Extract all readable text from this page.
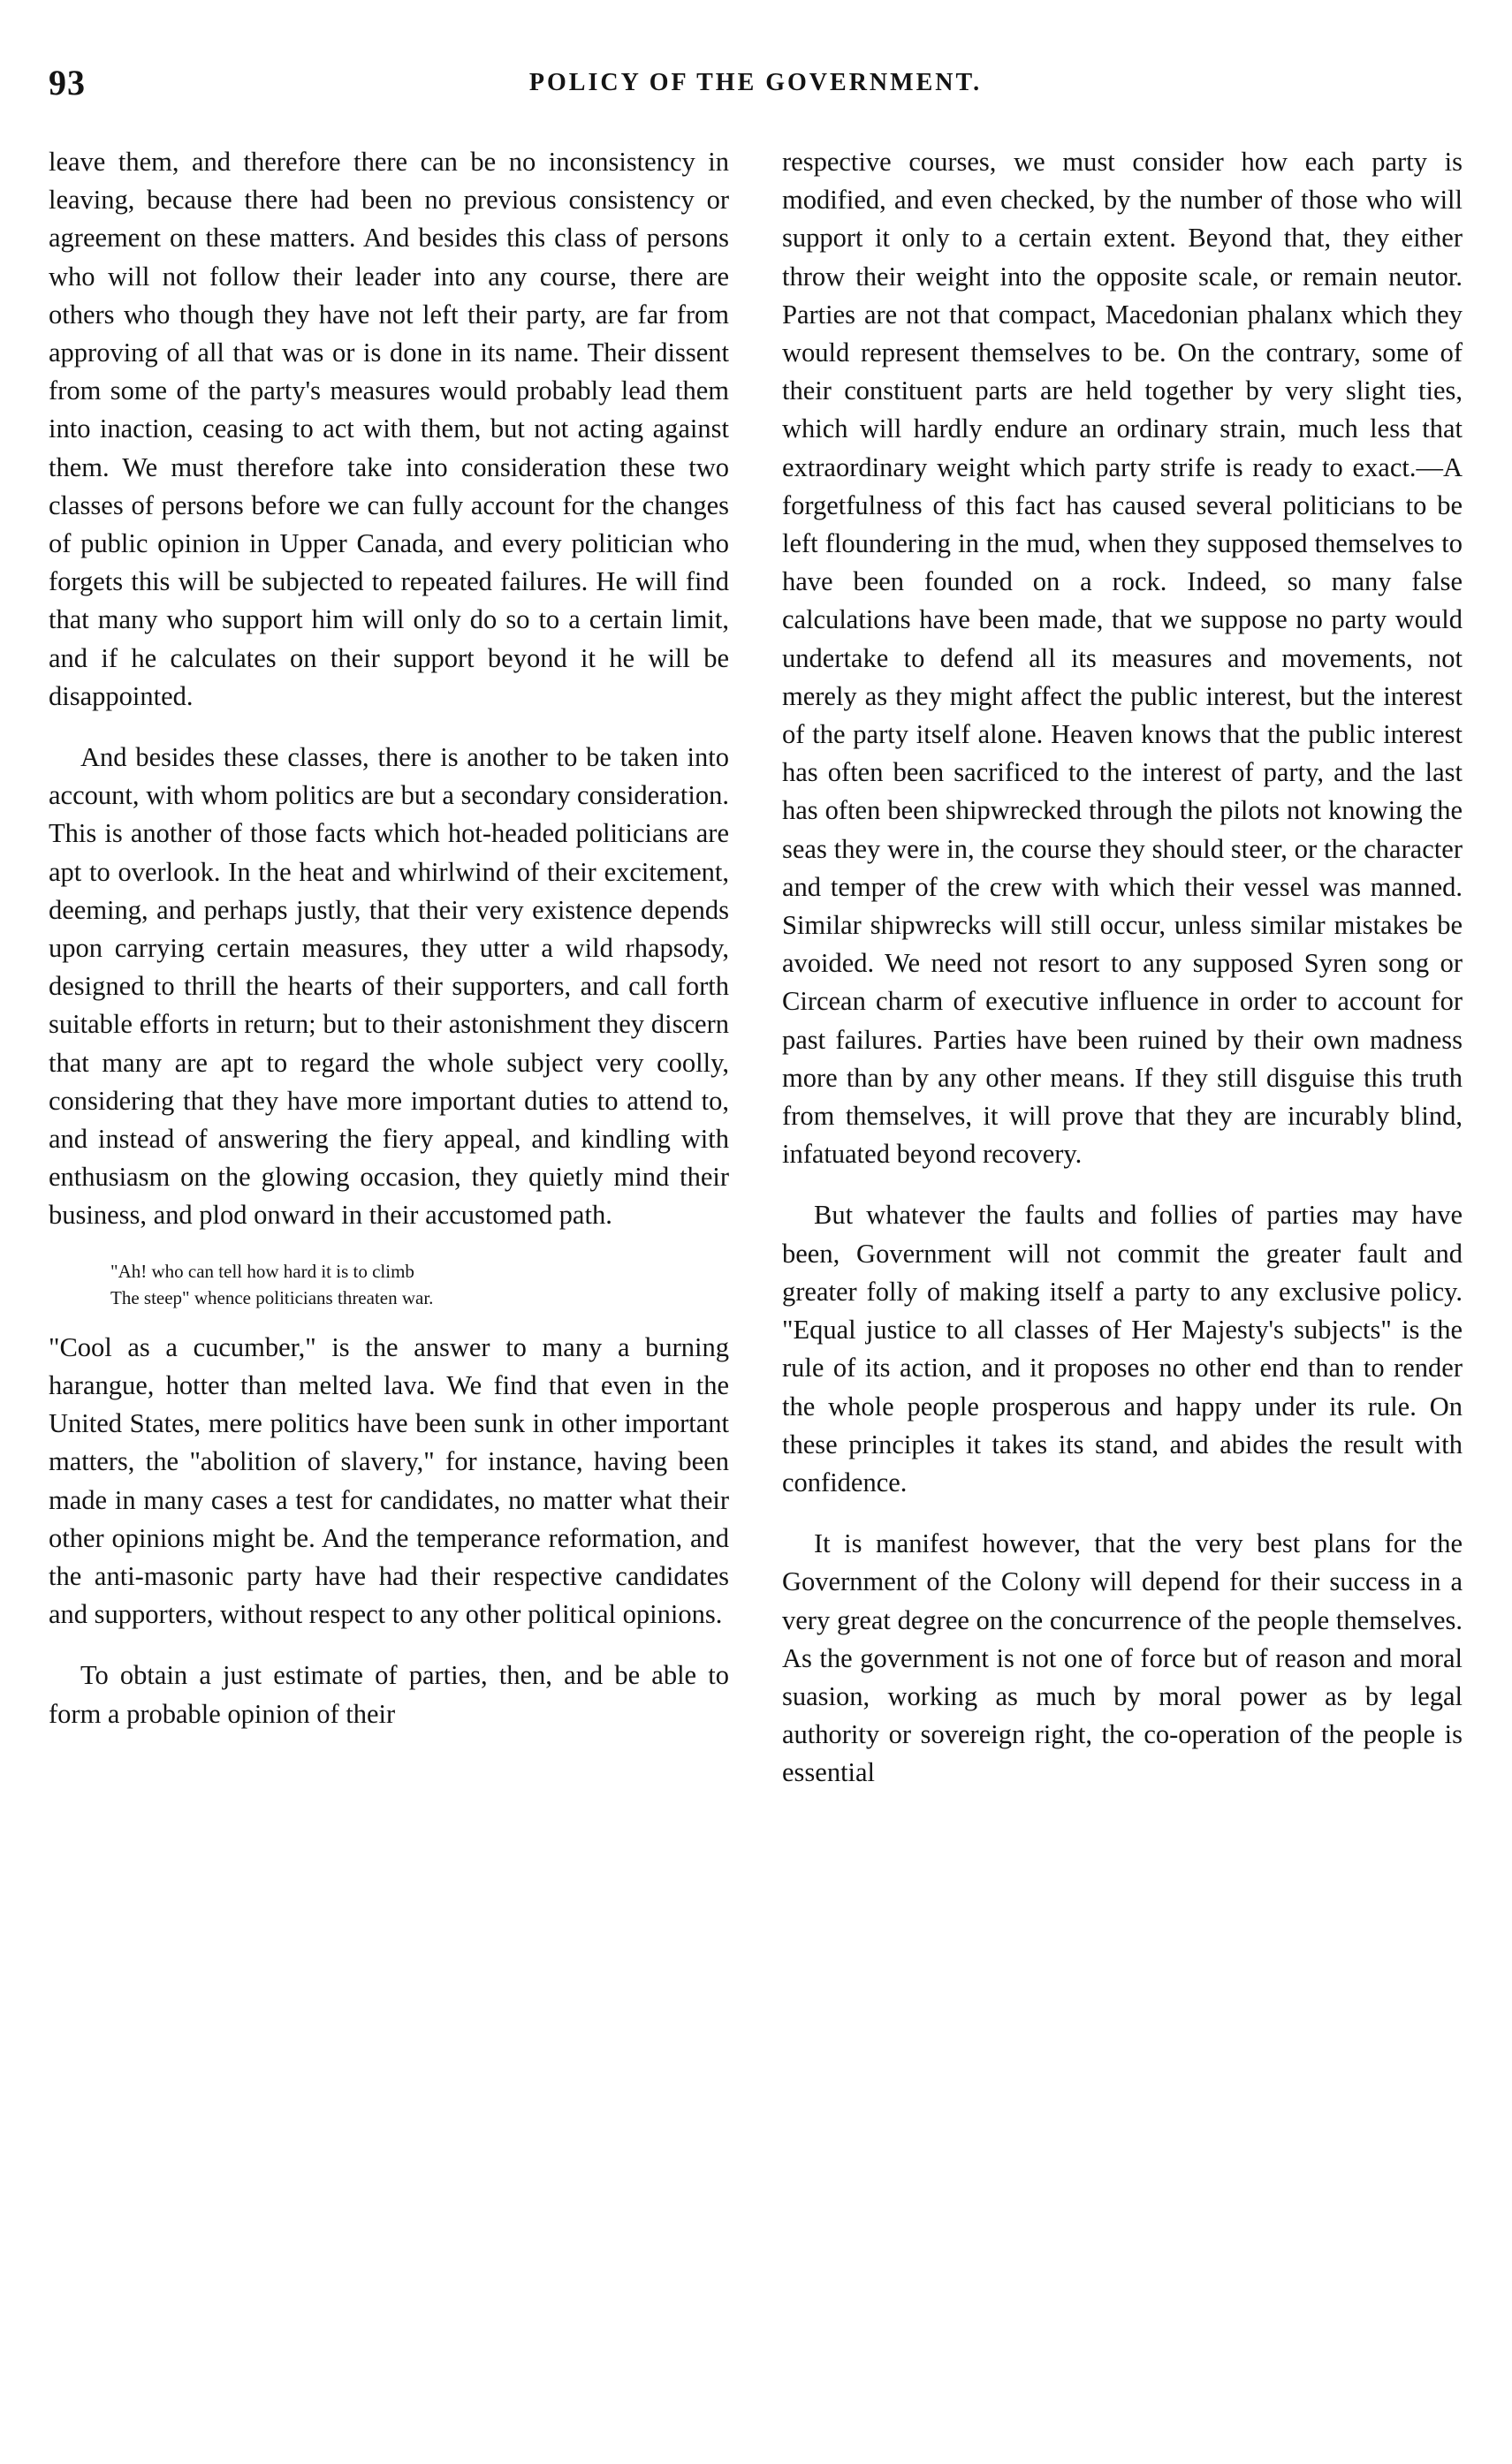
93	POLICY OF THE GOVERNMENT.

leave them, and therefore there can be no inconsistency in leaving, because there had been no previous consistency or agreement on these matters. And besides this class of persons who will not follow their leader into any course, there are others who though they have not left their party, are far from approving of all that was or is done in its name. Their dissent from some of the party's measures would probably lead them into inaction, ceasing to act with them, but not acting against them. We must therefore take into consideration these two classes of persons before we can fully account for the changes of public opinion in Upper Canada, and every politician who forgets this will be subjected to repeated failures. He will find that many who support him will only do so to a certain limit, and if he calculates on their support beyond it he will be disappointed.

And besides these classes, there is another to be taken into account, with whom politics are but a secondary consideration. This is another of those facts which hot-headed politicians are apt to overlook. In the heat and whirlwind of their excitement, deeming, and perhaps justly, that their very existence depends upon carrying certain measures, they utter a wild rhapsody, designed to thrill the hearts of their supporters, and call forth suitable efforts in return; but to their astonishment they discern that many are apt to regard the whole subject very coolly, considering that they have more important duties to attend to, and instead of answering the fiery appeal, and kindling with enthusiasm on the glowing occasion, they quietly mind their business, and plod onward in their accustomed path.

"Ah! who can tell how hard it is to climb
The steep" whence politicians threaten war.

"Cool as a cucumber," is the answer to many a burning harangue, hotter than melted lava. We find that even in the United States, mere politics have been sunk in other important matters, the "abolition of slavery," for instance, having been made in many cases a test for candidates, no matter what their other opinions might be. And the temperance reformation, and the anti-masonic party have had their respective candidates and supporters, without respect to any other political opinions.

To obtain a just estimate of parties, then, and be able to form a probable opinion of their

respective courses, we must consider how each party is modified, and even checked, by the number of those who will support it only to a certain extent. Beyond that, they either throw their weight into the opposite scale, or remain neutor. Parties are not that compact, Macedonian phalanx which they would represent themselves to be. On the contrary, some of their constituent parts are held together by very slight ties, which will hardly endure an ordinary strain, much less that extraordinary weight which party strife is ready to exact.—A forgetfulness of this fact has caused several politicians to be left floundering in the mud, when they supposed themselves to have been founded on a rock. Indeed, so many false calculations have been made, that we suppose no party would undertake to defend all its measures and movements, not merely as they might affect the public interest, but the interest of the party itself alone. Heaven knows that the public interest has often been sacrificed to the interest of party, and the last has often been shipwrecked through the pilots not knowing the seas they were in, the course they should steer, or the character and temper of the crew with which their vessel was manned. Similar shipwrecks will still occur, unless similar mistakes be avoided. We need not resort to any supposed Syren song or Circean charm of executive influence in order to account for past failures. Parties have been ruined by their own madness more than by any other means. If they still disguise this truth from themselves, it will prove that they are incurably blind, infatuated beyond recovery.

But whatever the faults and follies of parties may have been, Government will not commit the greater fault and greater folly of making itself a party to any exclusive policy. "Equal justice to all classes of Her Majesty's subjects" is the rule of its action, and it proposes no other end than to render the whole people prosperous and happy under its rule. On these principles it takes its stand, and abides the result with confidence.

It is manifest however, that the very best plans for the Government of the Colony will depend for their success in a very great degree on the concurrence of the people themselves. As the government is not one of force but of reason and moral suasion, working as much by moral power as by legal authority or sovereign right, the co-operation of the people is essential
